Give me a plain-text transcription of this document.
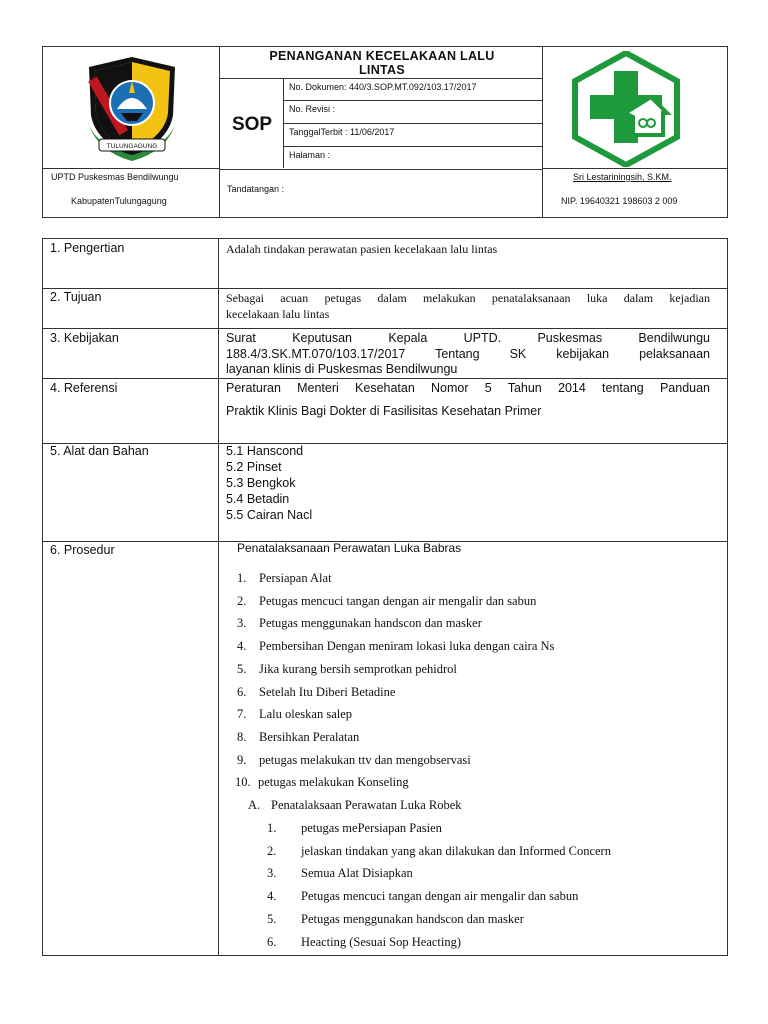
TULUNGAGUNG
PENANGANAN KECELAKAAN LALU
LINTAS
SOP
No. Dokumen: 440/3.SOP.MT.092/103.17/2017
No. Revisi :
TanggalTerbit : 11/06/2017
Halaman :
UPTD Puskesmas Bendilwungu
KabupatenTulungagung
Tandatangan :
Sri Lestariningsih, S.KM.
NIP. 19640321 198603 2 009
1. Pengertian	Adalah tindakan perawatan pasien kecelakaan lalu lintas
2. Tujuan	Sebagai acuan petugas dalam melakukan penatalaksanaan luka dalam kejadian
kecelakaan lalu lintas
3. Kebijakan	Surat Keputusan Kepala UPTD. Puskesmas Bendilwungu
188.4/3.SK.MT.070/103.17/2017 Tentang SK kebijakan pelaksanaan
layanan klinis di Puskesmas Bendilwungu
4. Referensi	Peraturan Menteri Kesehatan Nomor 5 Tahun 2014 tentang Panduan
Praktik Klinis Bagi Dokter di Fasilisitas Kesehatan Primer
5. Alat dan Bahan	5.1 Hanscond
5.2 Pinset
5.3 Bengkok
5.4 Betadin
5.5 Cairan Nacl
6. Prosedur	Penatalaksanaan Perawatan Luka Babras
1. Persiapan Alat
2. Petugas mencuci tangan dengan air mengalir dan sabun
3. Petugas menggunakan handscon dan masker
4. Pembersihan Dengan meniram lokasi luka dengan caira Ns
5. Jika kurang bersih semprotkan pehidrol
6. Setelah Itu Diberi Betadine
7. Lalu oleskan salep
8. Bersihkan Peralatan
9. petugas melakukan ttv dan mengobservasi
10. petugas melakukan Konseling
A. Penatalaksaan Perawatan Luka Robek
1. petugas mePersiapan Pasien
2. jelaskan tindakan yang akan dilakukan dan Informed Concern
3. Semua Alat Disiapkan
4. Petugas mencuci tangan dengan air mengalir dan sabun
5. Petugas menggunakan handscon dan masker
6. Heacting (Sesuai Sop Heacting)
